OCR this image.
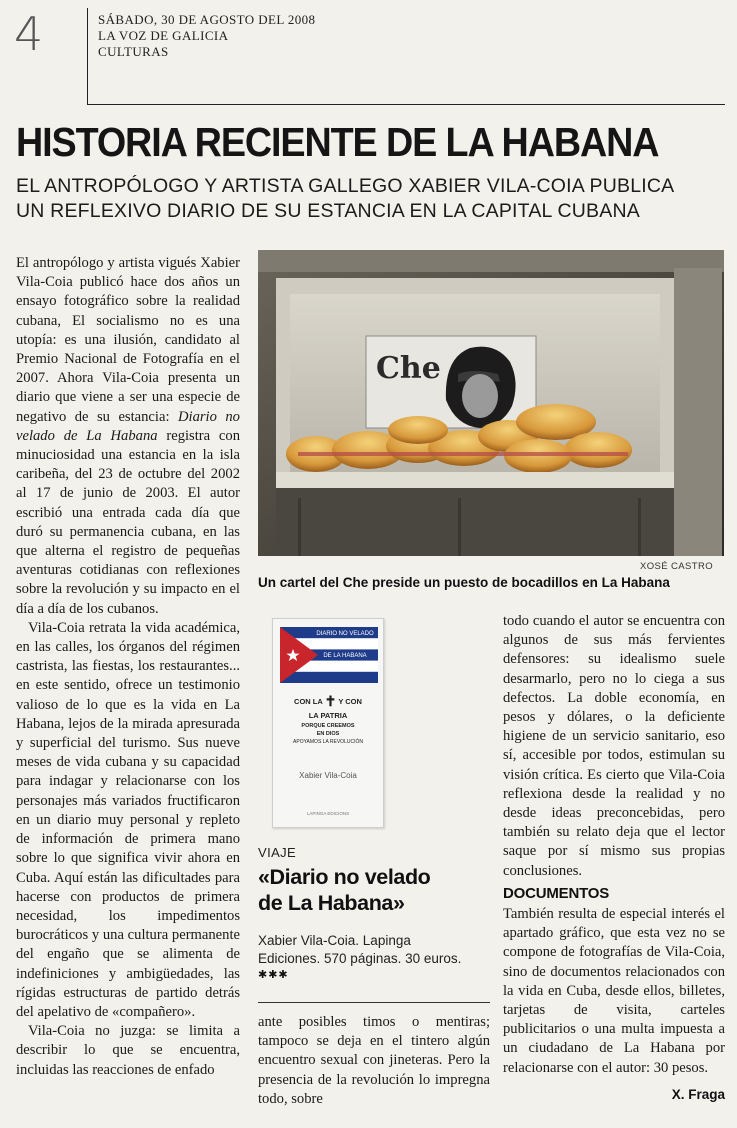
4	SÁBADO, 30 DE AGOSTO DEL 2008
LA VOZ DE GALICIA
CULTURAS
HISTORIA RECIENTE DE LA HABANA
EL ANTROPÓLOGO Y ARTISTA GALLEGO XABIER VILA-COIA PUBLICA
UN REFLEXIVO DIARIO DE SU ESTANCIA EN LA CAPITAL CUBANA

El antropólogo y artista vigués Xabier Vila-Coia publicó hace dos años un ensayo fotográfico sobre la realidad cubana, El socialismo no es una utopía: es una ilusión, candidato al Premio Nacional de Fotografía en el 2007. Ahora Vila-Coia presenta un diario que viene a ser una especie de negativo de su estancia: Diario no velado de La Habana registra con minuciosidad una estancia en la isla caribeña, del 23 de octubre del 2002 al 17 de junio de 2003. El autor escribió una entrada cada día que duró su permanencia cubana, en las que alterna el registro de pequeñas aventuras cotidianas con reflexiones sobre la revolución y su impacto en el día a día de los cubanos.

Vila-Coia retrata la vida académica, en las calles, los órganos del régimen castrista, las fiestas, los restaurantes... en este sentido, ofrece un testimonio valioso de lo que es la vida en La Habana, lejos de la mirada apresurada y superficial del turismo. Sus nueve meses de vida cubana y su capacidad para indagar y relacionarse con los personajes más variados fructificaron en un diario muy personal y repleto de información de primera mano sobre lo que significa vivir ahora en Cuba. Aquí están las dificultades para hacerse con productos de primera necesidad, los impedimentos burocráticos y una cultura permanente del engaño que se alimenta de indefiniciones y ambigüedades, las rígidas estructuras de partido detrás del apelativo de «compañero».

Vila-Coia no juzga: se limita a describir lo que se encuentra, incluidas las reacciones de enfado

Che
XOSÉ CASTRO
Un cartel del Che preside un puesto de bocadillos en La Habana
DIARIO NO VELADO
DE LA HABANA
CON LA ✝ Y CON
LA PATRIA
PORQUE CREEMOS
EN DIOS
APOYAMOS LA REVOLUCIÓN
Xabier Vila-Coia
LAPINGA EDICIONS
VIAJE
«Diario no velado
de La Habana»
Xabier Vila-Coia. Lapinga
Ediciones. 570 páginas. 30 euros.
✱✱✱

ante posibles timos o mentiras; tampoco se deja en el tintero algún encuentro sexual con jineteras. Pero la presencia de la revolución lo impregna todo, sobre

todo cuando el autor se encuentra con algunos de sus más fervientes defensores: su idealismo suele desarmarlo, pero no lo ciega a sus defectos. La doble economía, en pesos y dólares, o la deficiente higiene de un servicio sanitario, eso sí, accesible por todos, estimulan su visión crítica. Es cierto que Vila-Coia reflexiona desde la realidad y no desde ideas preconcebidas, pero también su relato deja que el lector saque por sí mismo sus propias conclusiones.

DOCUMENTOS

También resulta de especial interés el apartado gráfico, que esta vez no se compone de fotografías de Vila-Coia, sino de documentos relacionados con la vida en Cuba, desde ellos, billetes, tarjetas de visita, carteles publicitarios o una multa impuesta a un ciudadano de La Habana por relacionarse con el autor: 30 pesos.

X. Fraga
